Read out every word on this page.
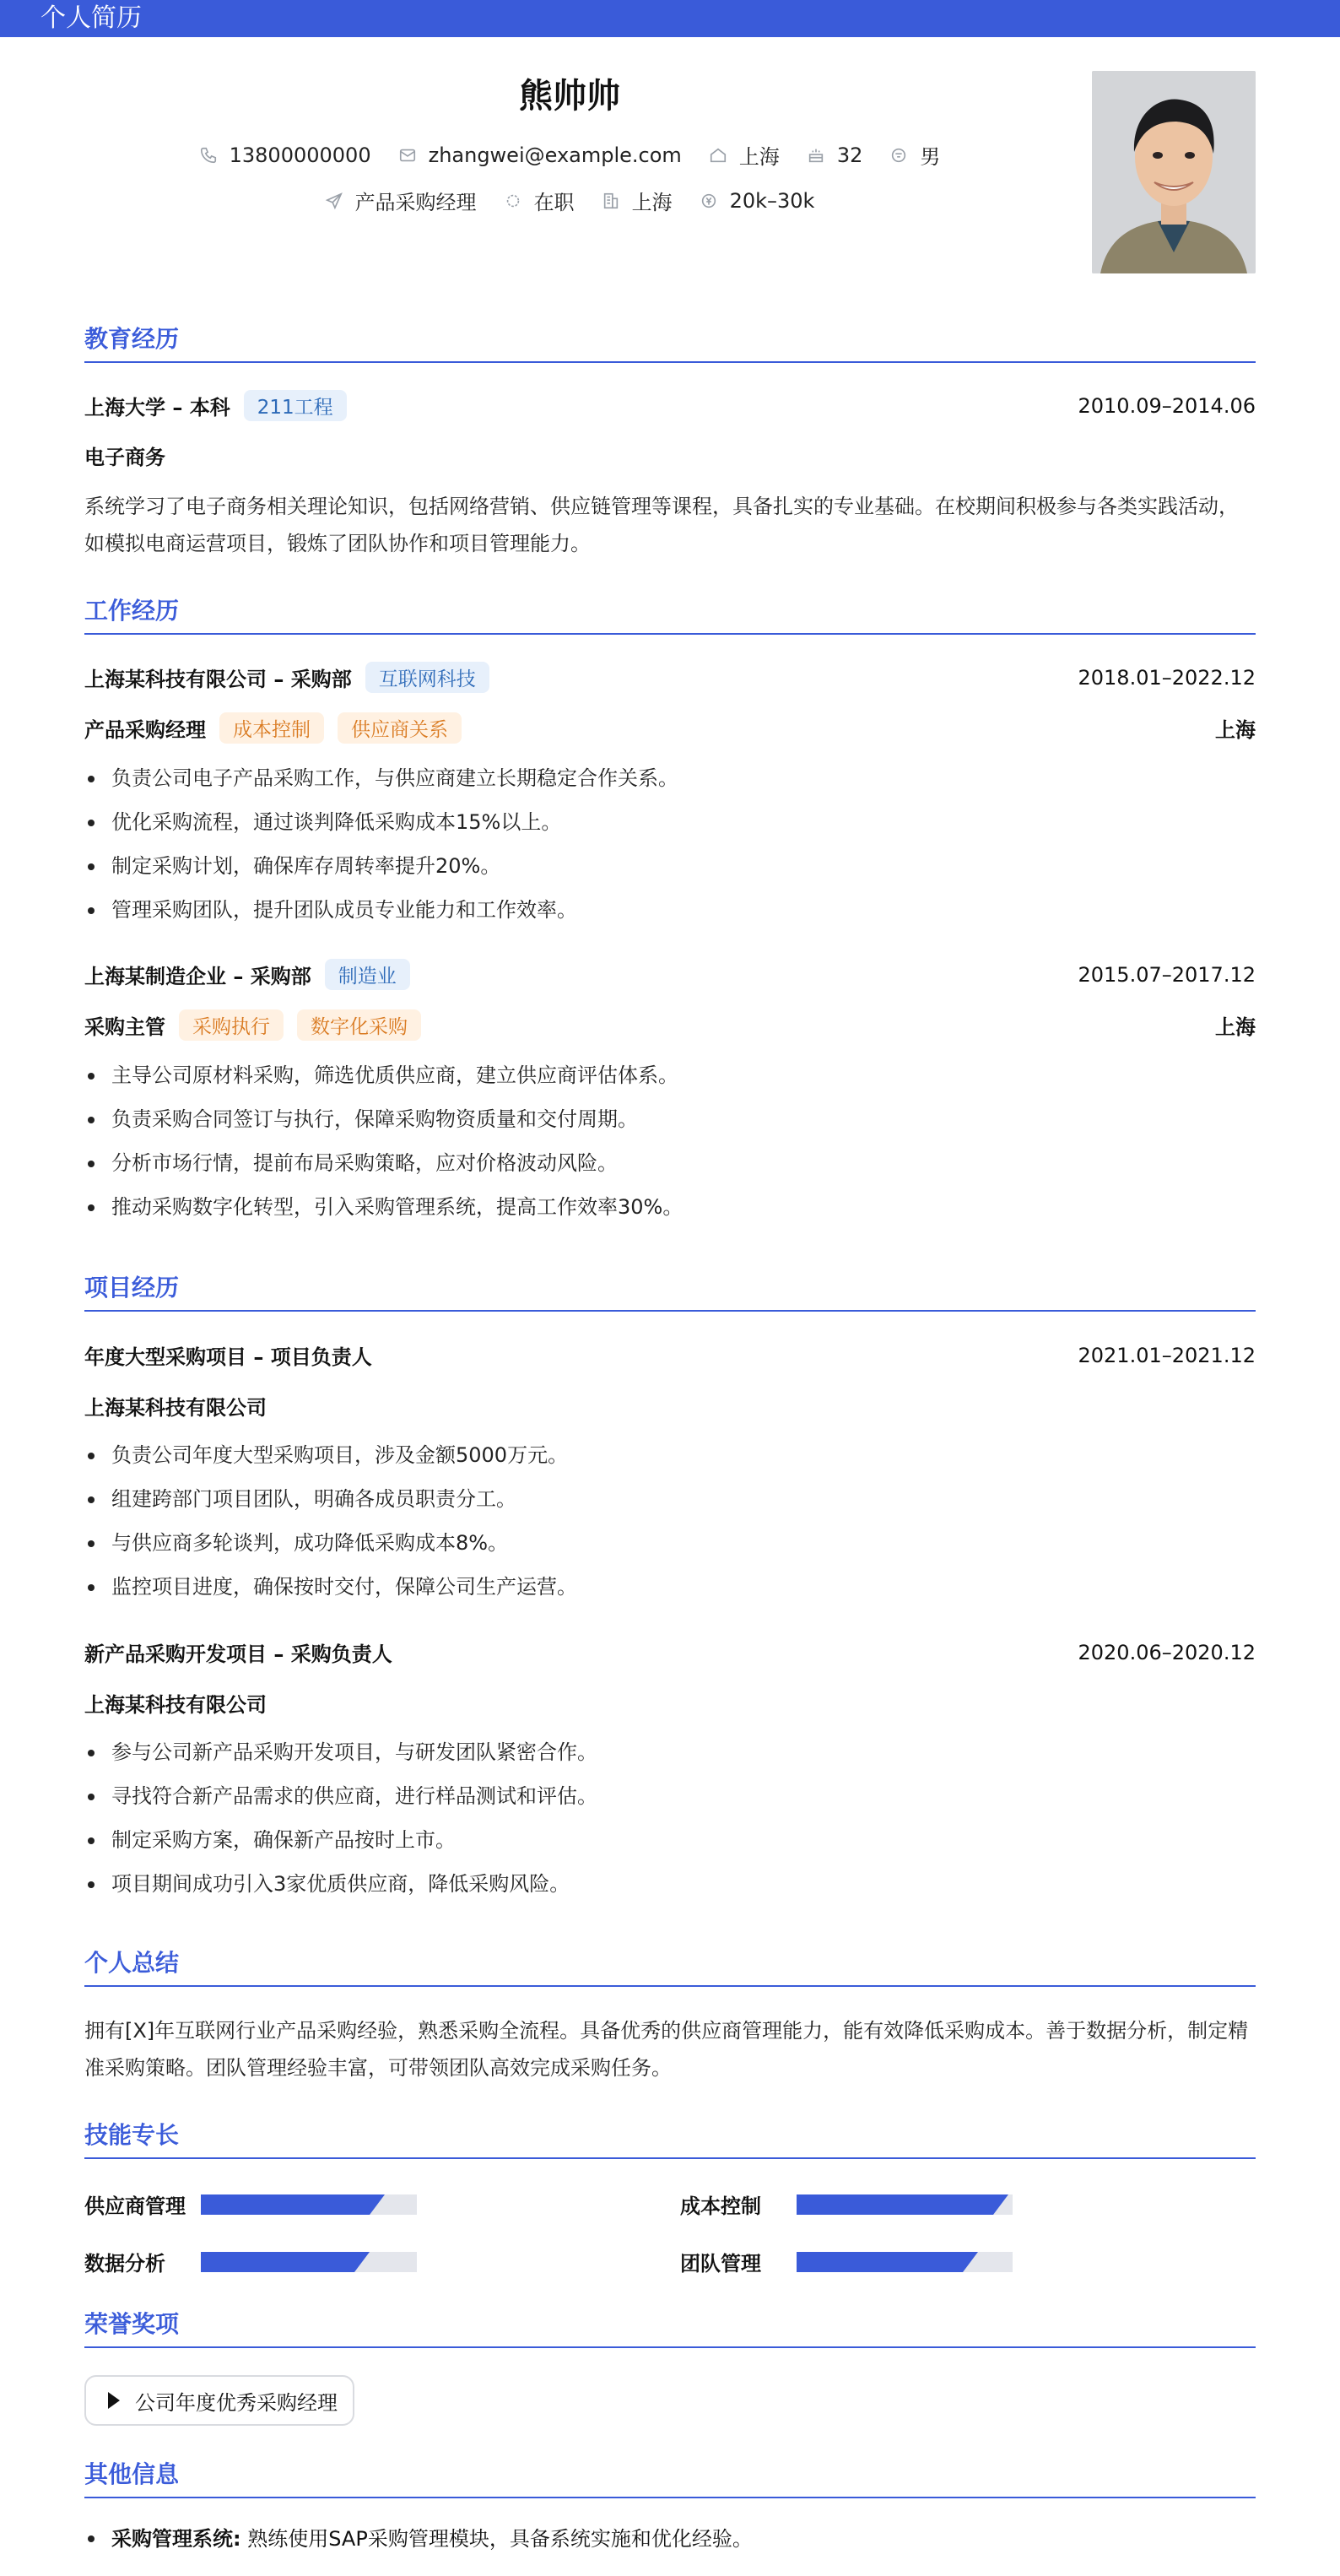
个人简历
熊帅帅
13800000000	zhangwei@example.com	上海	32	男
产品采购经理	在职	上海	20k–30k
教育经历
上海大学 – 本科	211工程	2010.09–2014.06
电子商务
系统学习了电子商务相关理论知识，包括网络营销、供应链管理等课程，具备扎实的专业基础。在校期间积极参与各类实践活动，
如模拟电商运营项目，锻炼了团队协作和项目管理能力。
工作经历
上海某科技有限公司 – 采购部	互联网科技	2018.01–2022.12
产品采购经理	成本控制	供应商关系	上海
负责公司电子产品采购工作，与供应商建立长期稳定合作关系。
优化采购流程，通过谈判降低采购成本15%以上。
制定采购计划，确保库存周转率提升20%。
管理采购团队，提升团队成员专业能力和工作效率。
上海某制造企业 – 采购部	制造业	2015.07–2017.12
采购主管	采购执行	数字化采购	上海
主导公司原材料采购，筛选优质供应商，建立供应商评估体系。
负责采购合同签订与执行，保障采购物资质量和交付周期。
分析市场行情，提前布局采购策略，应对价格波动风险。
推动采购数字化转型，引入采购管理系统，提高工作效率30%。
项目经历
年度大型采购项目 – 项目负责人	2021.01–2021.12
上海某科技有限公司
负责公司年度大型采购项目，涉及金额5000万元。
组建跨部门项目团队，明确各成员职责分工。
与供应商多轮谈判，成功降低采购成本8%。
监控项目进度，确保按时交付，保障公司生产运营。
新产品采购开发项目 – 采购负责人	2020.06–2020.12
上海某科技有限公司
参与公司新产品采购开发项目，与研发团队紧密合作。
寻找符合新产品需求的供应商，进行样品测试和评估。
制定采购方案，确保新产品按时上市。
项目期间成功引入3家优质供应商，降低采购风险。
个人总结
拥有[X]年互联网行业产品采购经验，熟悉采购全流程。具备优秀的供应商管理能力，能有效降低采购成本。善于数据分析，制定精
准采购策略。团队管理经验丰富，可带领团队高效完成采购任务。
技能专长
供应商管理	成本控制
数据分析	团队管理
荣誉奖项
公司年度优秀采购经理
其他信息
采购管理系统: 熟练使用SAP采购管理模块，具备系统实施和优化经验。
